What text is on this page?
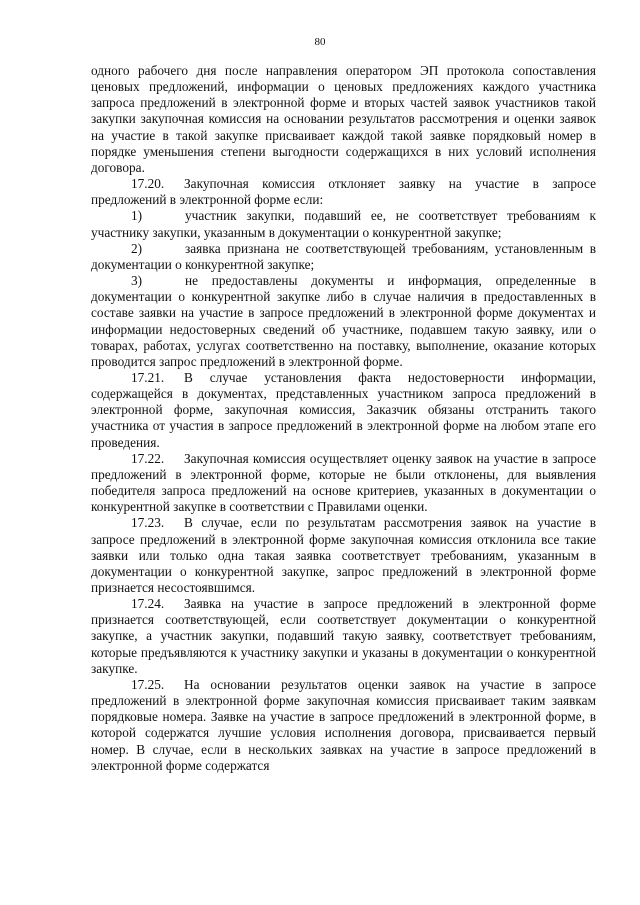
80

одного рабочего дня после направления оператором ЭП протокола сопоставления ценовых предложений, информации о ценовых предложениях каждого участника запроса предложений в электронной форме и вторых частей заявок участников такой закупки закупочная комиссия на основании результатов рассмотрения и оценки заявок на участие в такой закупке присваивает каждой такой заявке порядковый номер в порядке уменьшения степени выгодности содержащихся в них условий исполнения договора.

17.20. Закупочная комиссия отклоняет заявку на участие в запросе предложений в электронной форме если:

1)	участник закупки, подавший ее, не соответствует требованиям к участнику закупки, указанным в документации о конкурентной закупке;

2)	заявка признана не соответствующей требованиям, установленным в документации о конкурентной закупке;

3)	не предоставлены документы и информация, определенные в документации о конкурентной закупке либо в случае наличия в предоставленных в составе заявки на участие в запросе предложений в электронной форме документах и информации недостоверных сведений об участнике, подавшем такую заявку, или о товарах, работах, услугах соответственно на поставку, выполнение, оказание которых проводится запрос предложений в электронной форме.

17.21. В случае установления факта недостоверности информации, содержащейся в документах, представленных участником запроса предложений в электронной форме, закупочная комиссия, Заказчик обязаны отстранить такого участника от участия в запросе предложений в электронной форме на любом этапе его проведения.

17.22. Закупочная комиссия осуществляет оценку заявок на участие в запросе предложений в электронной форме, которые не были отклонены, для выявления победителя запроса предложений на основе критериев, указанных в документации о конкурентной закупке в соответствии с Правилами оценки.

17.23. В случае, если по результатам рассмотрения заявок на участие в запросе предложений в электронной форме закупочная комиссия отклонила все такие заявки или только одна такая заявка соответствует требованиям, указанным в документации о конкурентной закупке, запрос предложений в электронной форме признается несостоявшимся.

17.24. Заявка на участие в запросе предложений в электронной форме признается соответствующей, если соответствует документации о конкурентной закупке, а участник закупки, подавший такую заявку, соответствует требованиям, которые предъявляются к участнику закупки и указаны в документации о конкурентной закупке.

17.25. На основании результатов оценки заявок на участие в запросе предложений в электронной форме закупочная комиссия присваивает таким заявкам порядковые номера. Заявке на участие в запросе предложений в электронной форме, в которой содержатся лучшие условия исполнения договора, присваивается первый номер. В случае, если в нескольких заявках на участие в запросе предложений в электронной форме содержатся
